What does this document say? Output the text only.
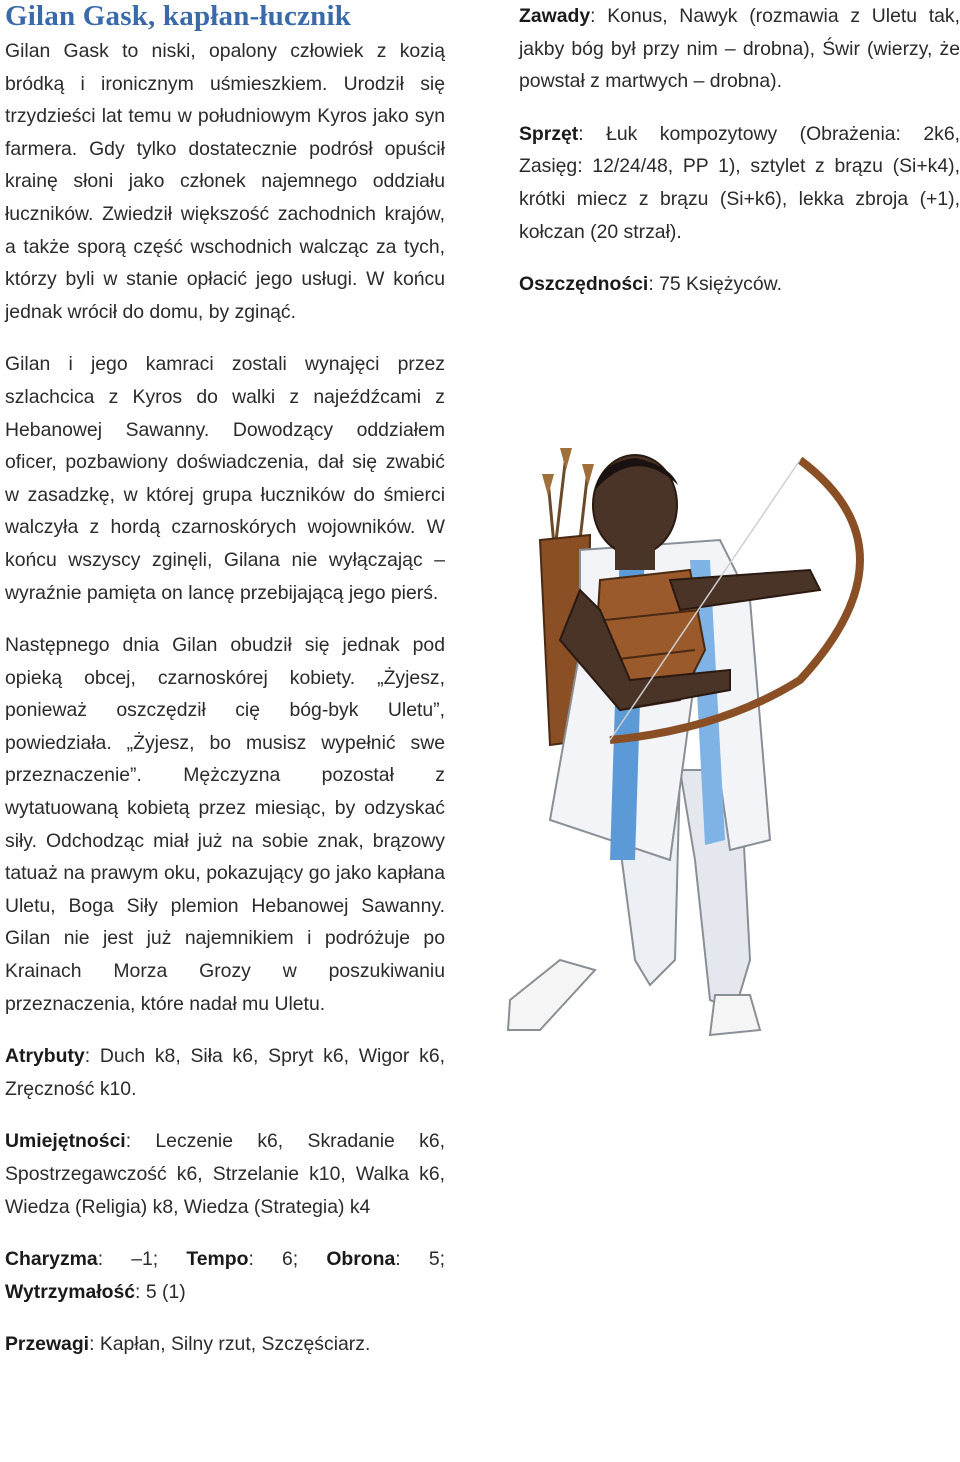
Gilan Gask, kapłan-łucznik

Gilan Gask to niski, opalony człowiek z kozią bródką i ironicznym uśmieszkiem. Urodził się trzydzieści lat temu w południowym Kyros jako syn farmera. Gdy tylko dostatecznie podrósł opuścił krainę słoni jako członek najemnego oddziału łuczników. Zwiedził większość zachodnich krajów, a także sporą część wschodnich walcząc za tych, którzy byli w stanie opłacić jego usługi. W końcu jednak wrócił do domu, by zginąć.

Gilan i jego kamraci zostali wynajęci przez szlachcica z Kyros do walki z najeźdźcami z Hebanowej Sawanny. Dowodzący oddziałem oficer, pozbawiony doświadczenia, dał się zwabić w zasadzkę, w której grupa łuczników do śmierci walczyła z hordą czarnoskórych wojowników. W końcu wszyscy zginęli, Gilana nie wyłączając – wyraźnie pamięta on lancę przebijającą jego pierś.

Następnego dnia Gilan obudził się jednak pod opieką obcej, czarnoskórej kobiety. „Żyjesz, ponieważ oszczędził cię bóg-byk Uletu”, powiedziała. „Żyjesz, bo musisz wypełnić swe przeznaczenie”. Mężczyzna pozostał z wytatuowaną kobietą przez miesiąc, by odzyskać siły. Odchodząc miał już na sobie znak, brązowy tatuaż na prawym oku, pokazujący go jako kapłana Uletu, Boga Siły plemion Hebanowej Sawanny. Gilan nie jest już najemnikiem i podróżuje po Krainach Morza Grozy w poszukiwaniu przeznaczenia, które nadał mu Uletu.

Atrybuty: Duch k8, Siła k6, Spryt k6, Wigor k6, Zręczność k10.

Umiejętności: Leczenie k6, Skradanie k6, Spostrzegawczość k6, Strzelanie k10, Walka k6, Wiedza (Religia) k8, Wiedza (Strategia) k4

Charyzma: –1; Tempo: 6; Obrona: 5; Wytrzymałość: 5 (1)

Przewagi: Kapłan, Silny rzut, Szczęściarz.

Zawady: Konus, Nawyk (rozmawia z Uletu tak, jakby bóg był przy nim – drobna), Świr (wierzy, że powstał z martwych – drobna).

Sprzęt: Łuk kompozytowy (Obrażenia: 2k6, Zasięg: 12/24/48, PP 1), sztylet z brązu (Si+k4), krótki miecz z brązu (Si+k6), lekka zbroja (+1), kołczan (20 strzał).

Oszczędności: 75 Księżyców.
